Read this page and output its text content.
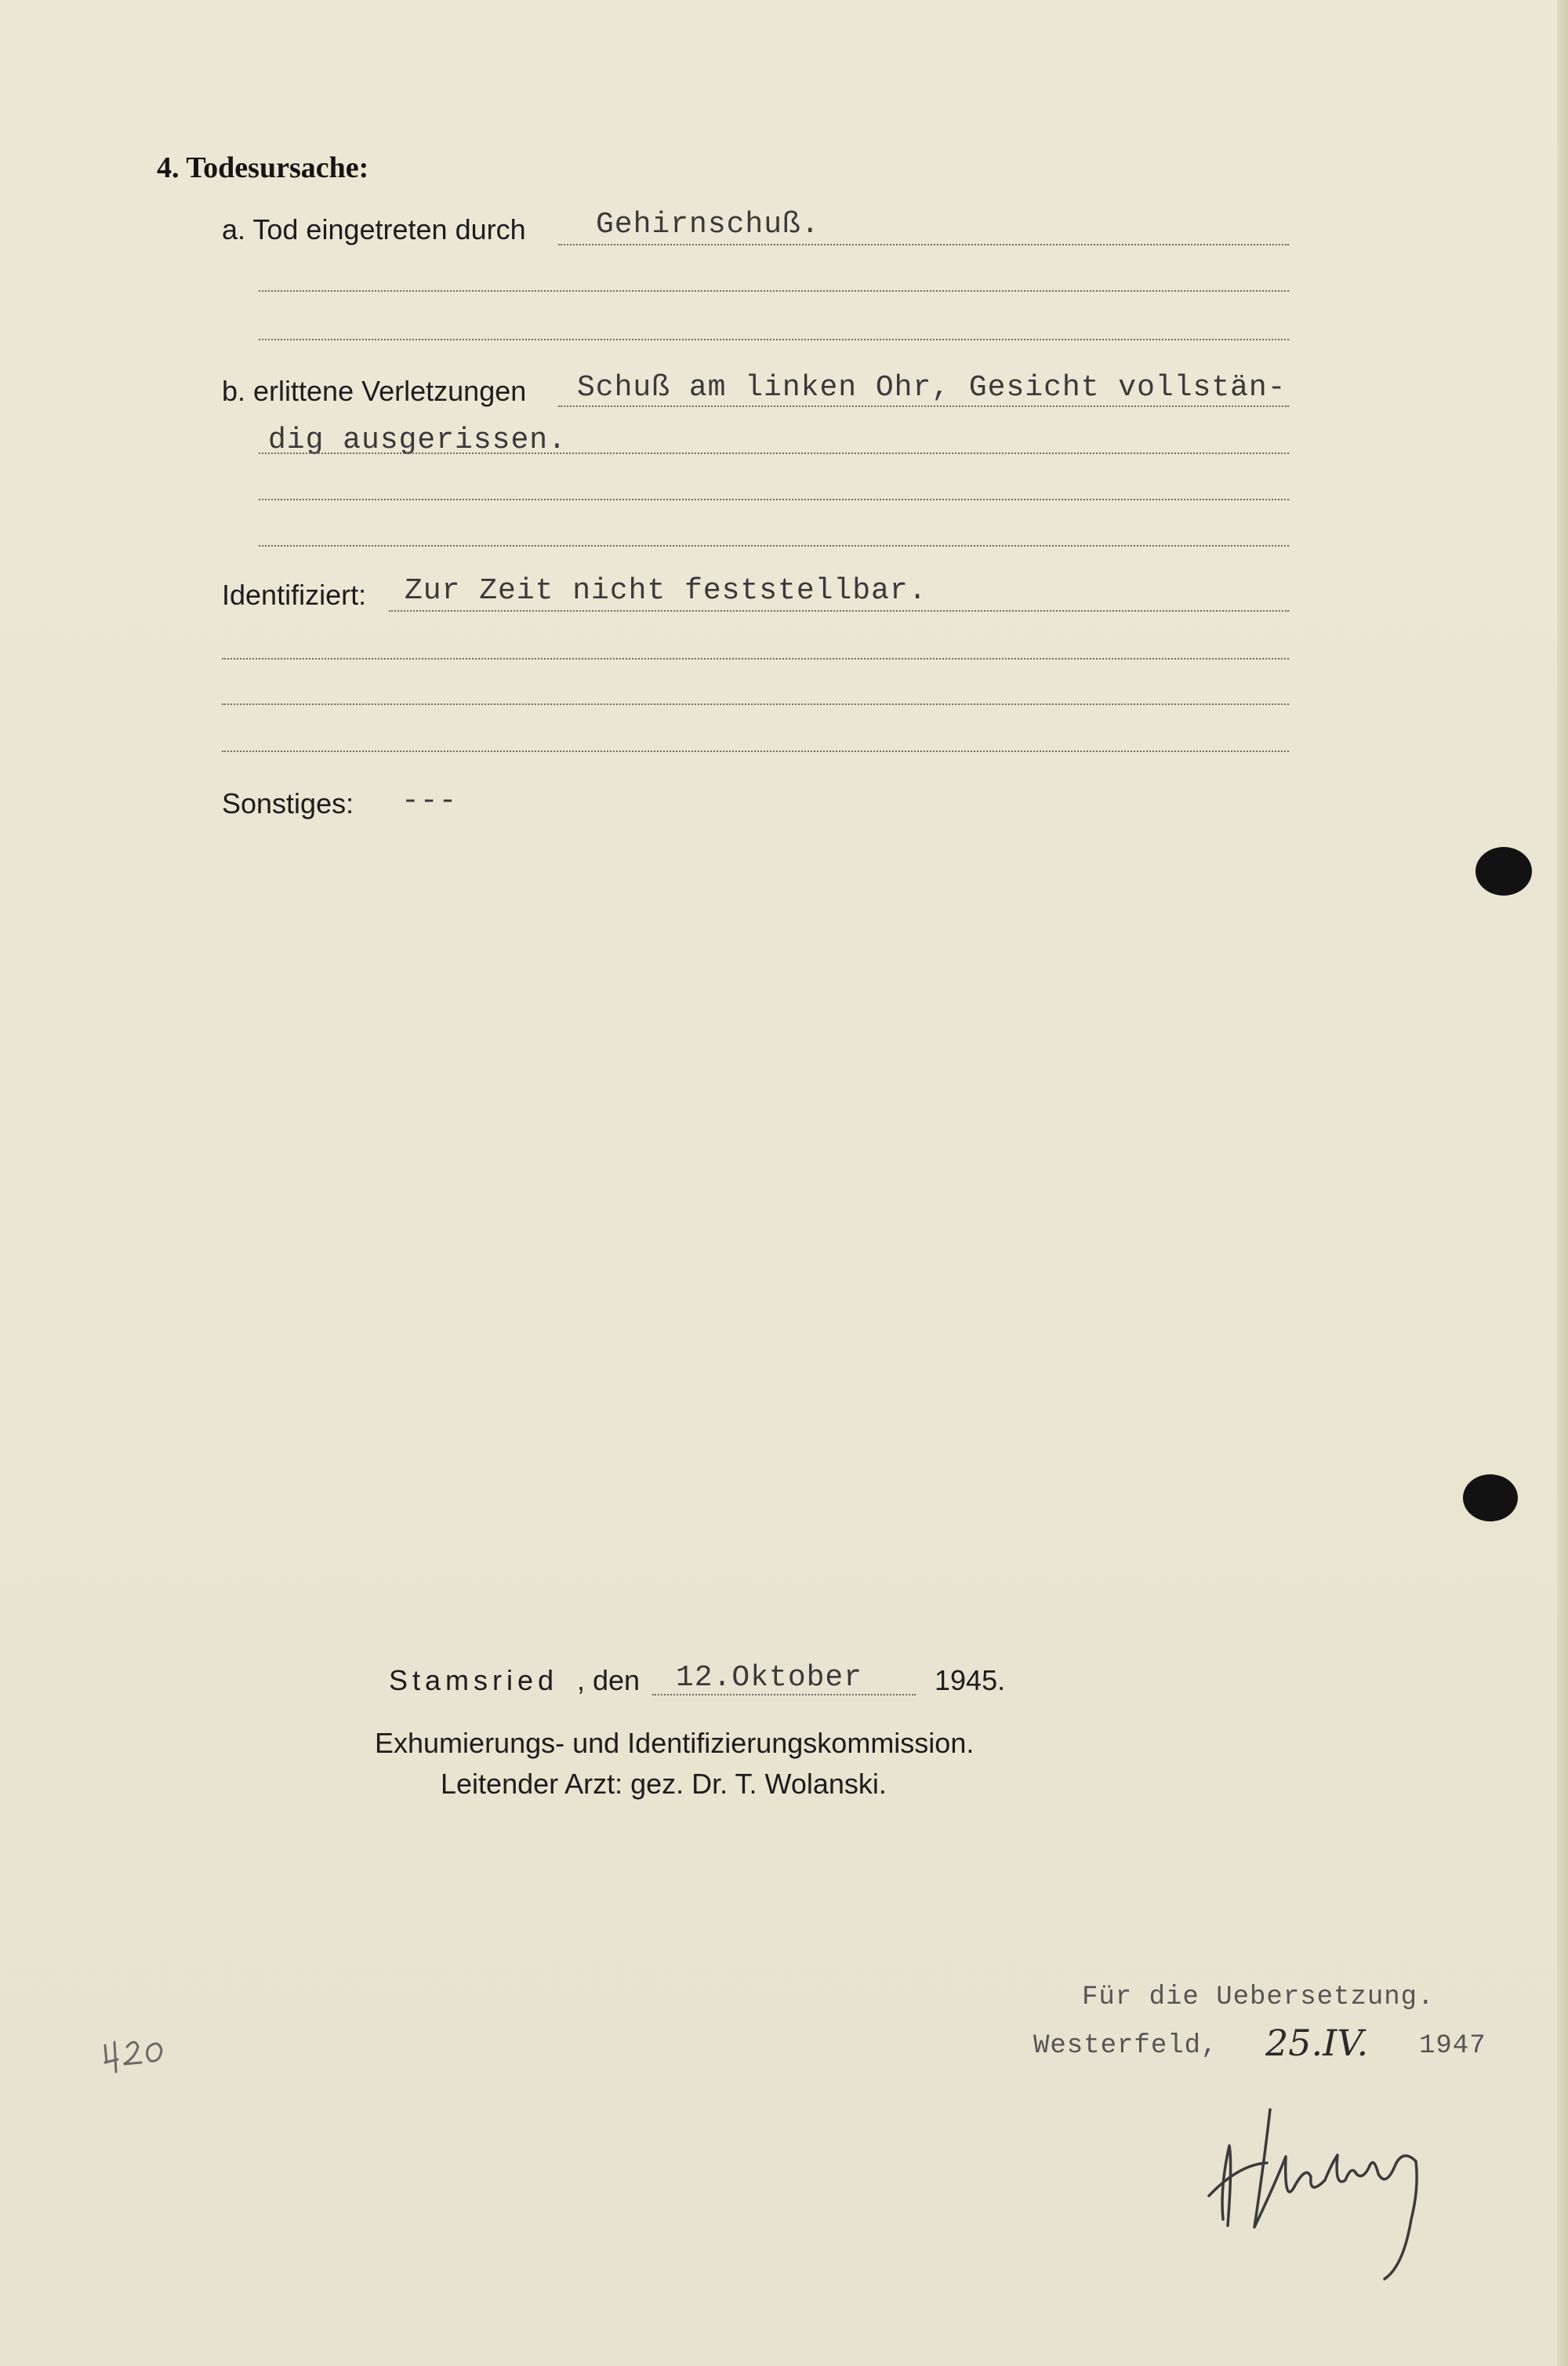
4. Todesursache:
a. Tod eingetreten durch Gehirnschuß.
b. erlittene Verletzungen Schuß am linken Ohr, Gesicht vollstän-
dig ausgerissen.
Identifiziert: Zur Zeit nicht feststellbar.
Sonstiges: ---
Stamsried , den 12.Oktober	1945.
Exhumierungs- und Identifizierungskommission.
Leitender Arzt: gez. Dr. T. Wolanski.
Für die Uebersetzung.
Westerfeld, 25.IV. 1947
